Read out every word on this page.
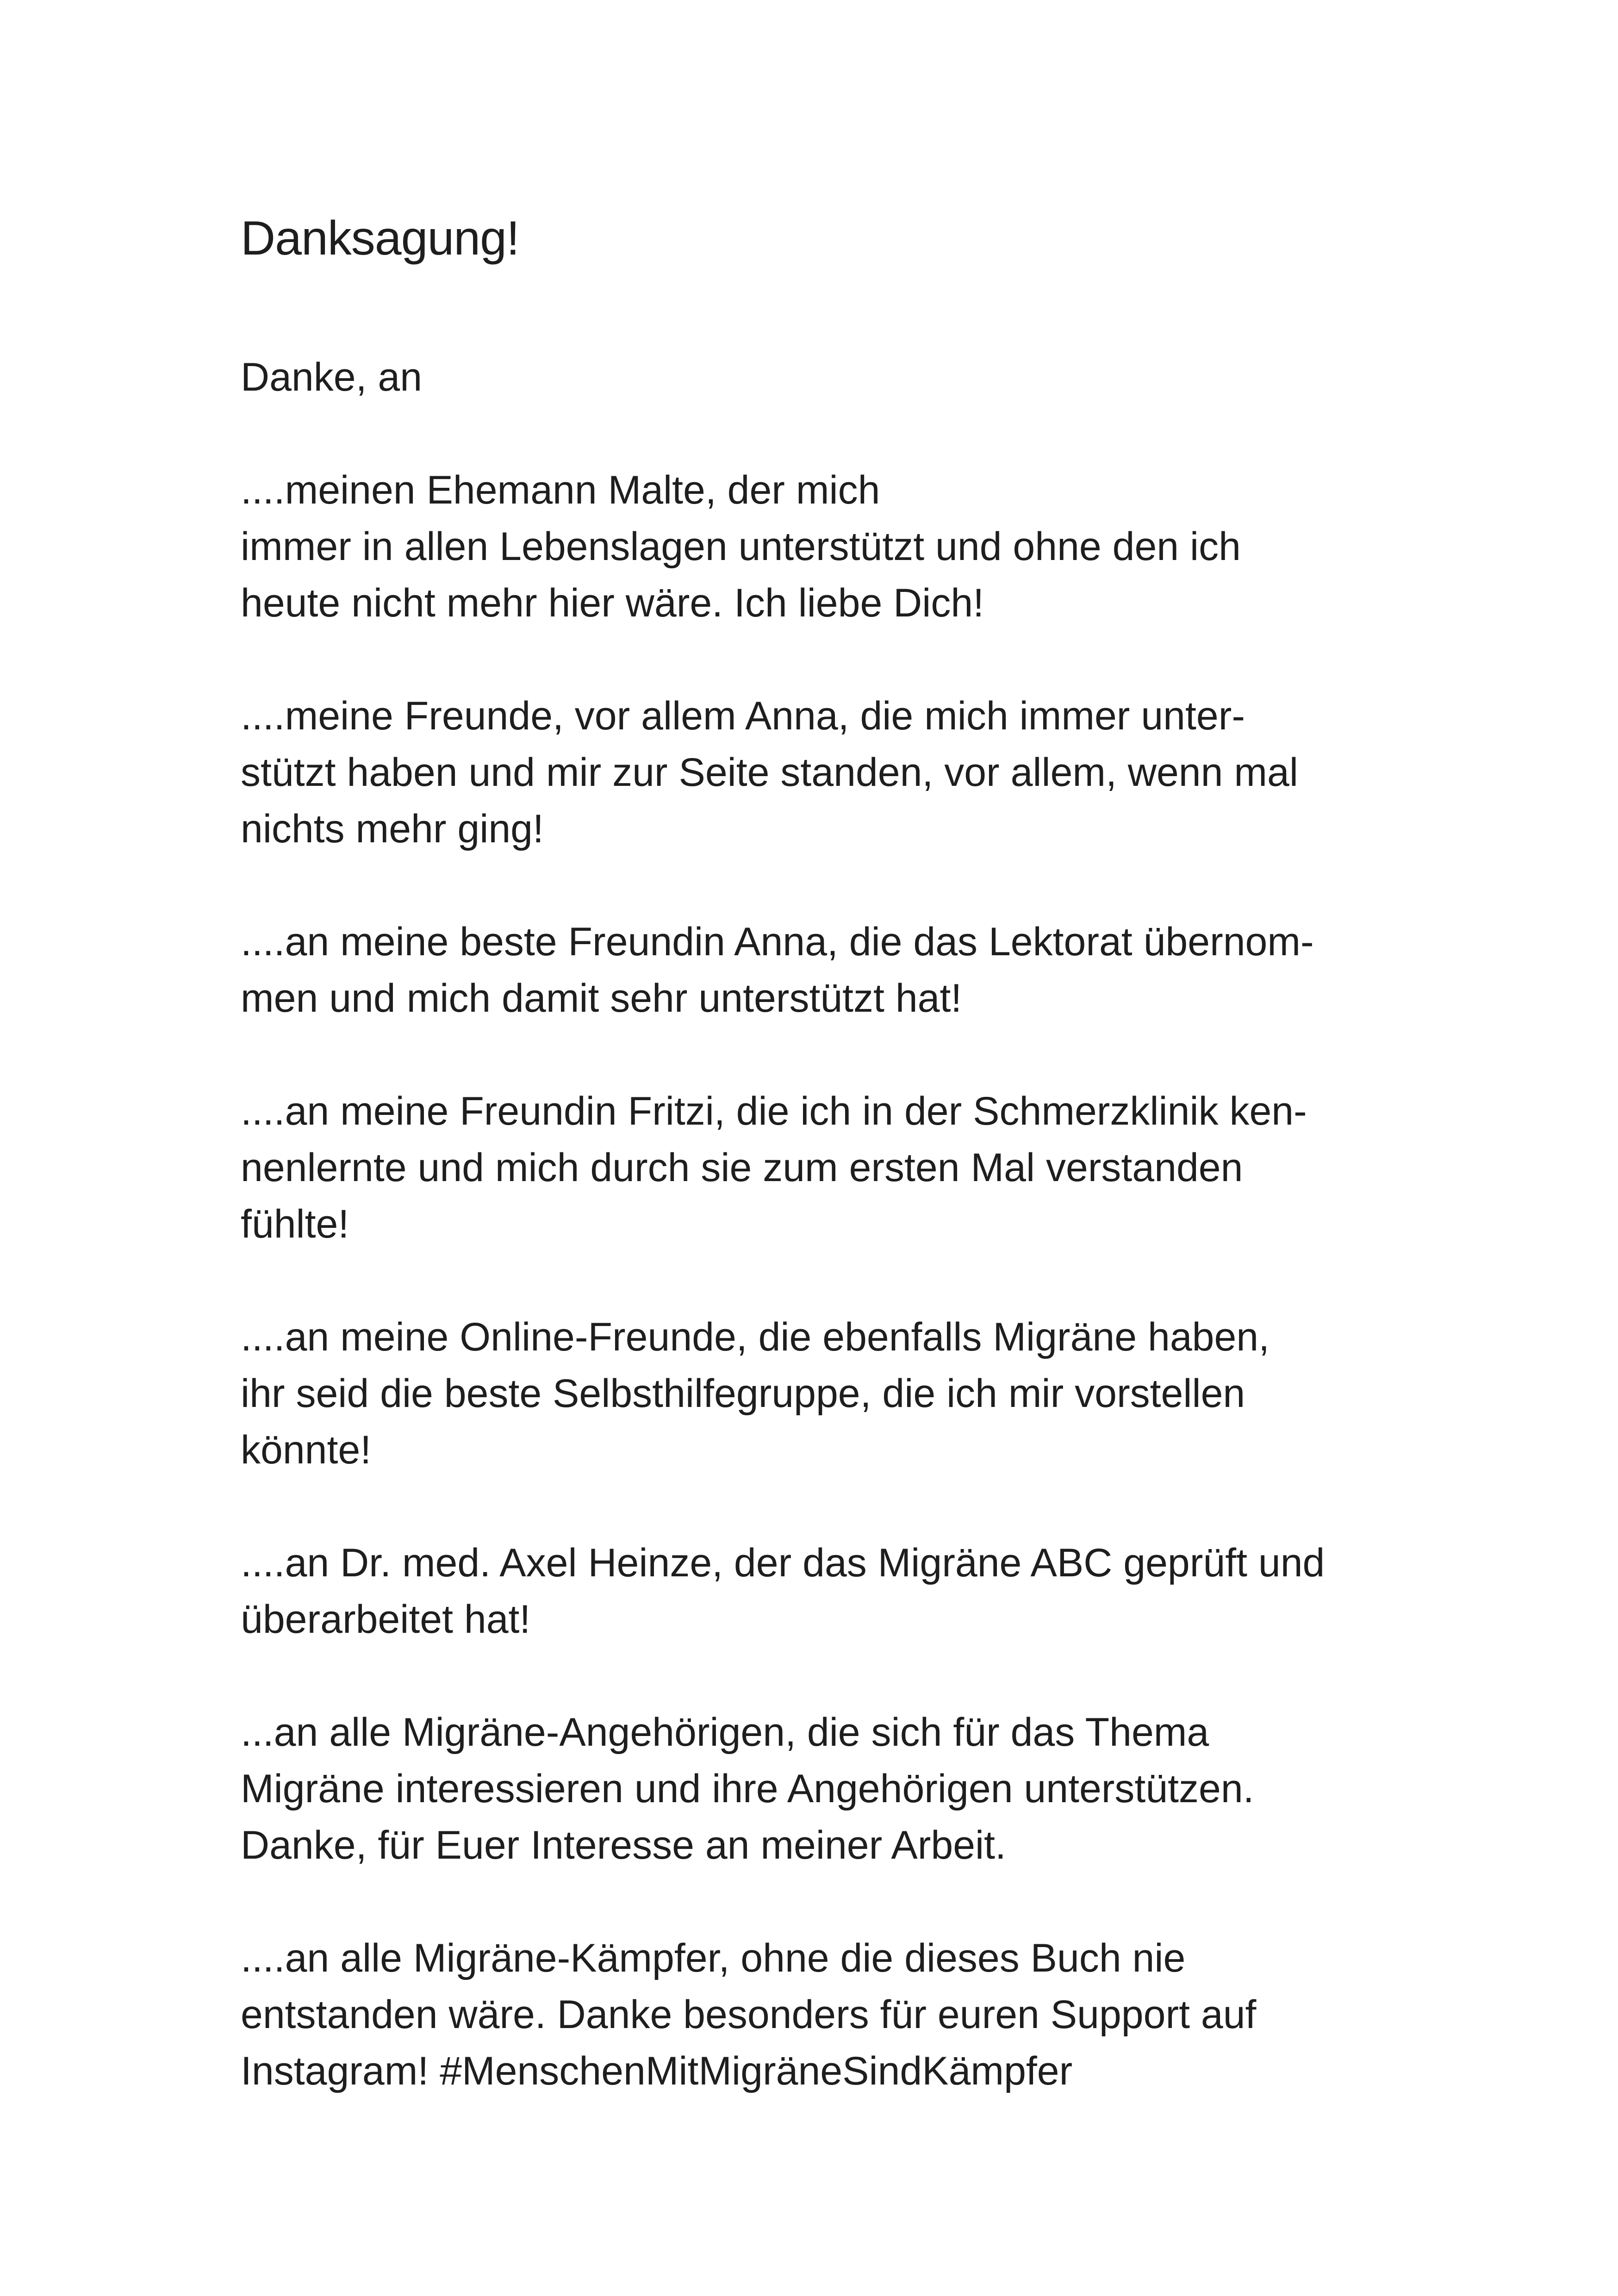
Danksagung!

Danke, an

....meinen Ehemann Malte, der mich
immer in allen Lebenslagen unterstützt und ohne den ich
heute nicht mehr hier wäre. Ich liebe Dich!

....meine Freunde, vor allem Anna, die mich immer unter-
stützt haben und mir zur Seite standen, vor allem, wenn mal
nichts mehr ging!

....an meine beste Freundin Anna, die das Lektorat übernom-
men und mich damit sehr unterstützt hat!

....an meine Freundin Fritzi, die ich in der Schmerzklinik ken-
nenlernte und mich durch sie zum ersten Mal verstanden
fühlte!

....an meine Online-Freunde, die ebenfalls Migräne haben,
ihr seid die beste Selbsthilfegruppe, die ich mir vorstellen
könnte!

....an Dr. med. Axel Heinze, der das Migräne ABC geprüft und
überarbeitet hat!

...an alle Migräne-Angehörigen, die sich für das Thema
Migräne interessieren und ihre Angehörigen unterstützen.
Danke, für Euer Interesse an meiner Arbeit.

....an alle Migräne-Kämpfer, ohne die dieses Buch nie
entstanden wäre. Danke besonders für euren Support auf
Instagram! #MenschenMitMigräneSindKämpfer
